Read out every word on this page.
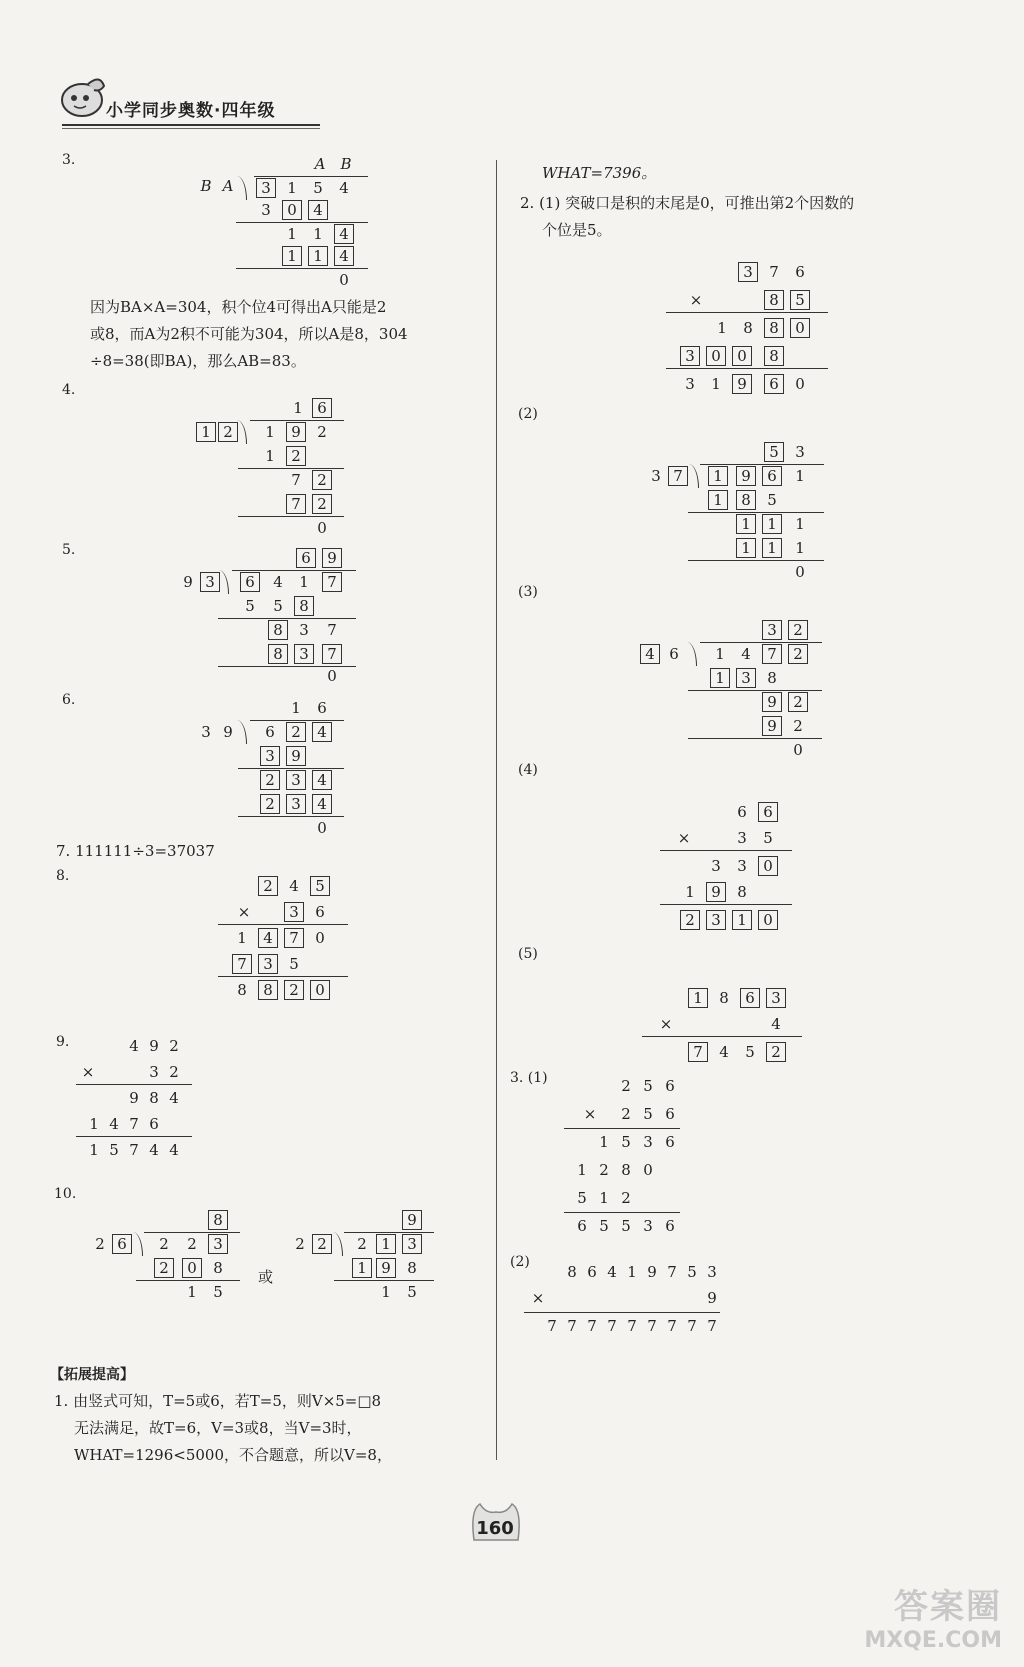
小学同步奥数·四年级
3.	A	B
B A	3	1	5	4
3	0	4
1	1	4
1	1	4
0
因为BA×A=304，积个位4可得出A只能是2
或8，而A为2积不可能为304，所以A是8，304
÷8=38(即BA)，那么AB=83。
4.
1 6
1 2	1	9	2
1	2
7	2
7	2
0
5.	6	9
9 3	6	4	1	7
5	5	8
8	3	7
8	3	7
0
6.	1	6
3 9	6	2	4
3	9
2	3	4
2	3	4
0
7. 111111÷3=37037
8.
2	4	5
×	3	6
1	4	7	0
7	3	5
8	8	2	0
9.	4 9 2
×	3 2
9 8 4
1 4 7 6
1 5 7 4 4
10.
8
2 6	2	2	3
2	0	8
1	5
或
9
2 2	2 1	3
1 9	8
1	5
【拓展提高】
1. 由竖式可知，T=5或6，若T=5，则V×5=□8
无法满足，故T=6，V=3或8，当V=3时，
WHAT=1296<5000，不合题意，所以V=8，
WHAT=7396。
2. (1) 突破口是积的末尾是0，可推出第2个因数的
个位是5。
3	7	6
×	8	5
1	8	8	0
3	0	0	8
3	1	9	6	0
(2)
5	3
3 7	1	9	6	1
1	8	5
1	1	1
1	1	1
0
(3)
3	2
4 6	1	4	7	2
1	3	8
9	2
9	2
0
(4)
6	6
×	3	5
3	3	0
1	9	8
2	3	1	0
(5)
1	8	6	3
×	4
7	4	5	2
3. (1)	2 5 6
×	2 5 6
1 5 3 6
1 2 8 0
5 1 2
6 5 5 3 6
(2)
8 6 4 1 9 7 5 3
×	9
7 7 7 7 7 7 7 7 7
160
答案圈
MXQE.COM
